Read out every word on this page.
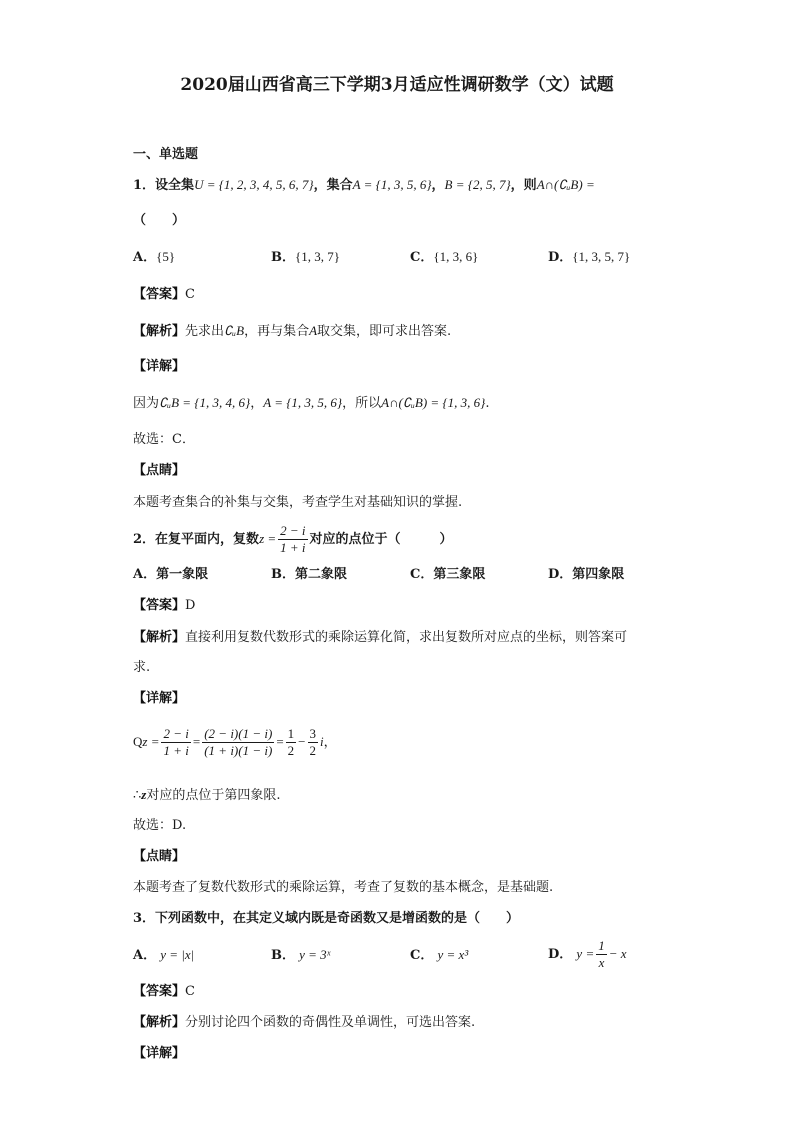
2020届山西省高三下学期3月适应性调研数学（文）试题
一、单选题
1．设全集U = {1, 2, 3, 4, 5, 6, 7}，集合A = {1, 3, 5, 6}，B = {2, 5, 7}，则A∩(∁ᵤB) =
（　　）
A．{5}	B．{1, 3, 7}	C．{1, 3, 6}	D．{1, 3, 5, 7}
【答案】C
【解析】先求出∁ᵤB，再与集合A取交集，即可求出答案.
【详解】
因为∁ᵤB = {1, 3, 4, 6}，A = {1, 3, 5, 6}，所以A∩(∁ᵤB) = {1, 3, 6}.
故选：C．
【点睛】
本题考查集合的补集与交集，考查学生对基础知识的掌握.
2．在复平面内，复数$z = \frac{2 - i}{1 + i}$ 对应的点位于（　　　）
A．第一象限	B．第二象限	C．第三象限	D．第四象限
【答案】D
【解析】直接利用复数代数形式的乘除运算化简，求出复数所对应点的坐标，则答案可
求.
【详解】
$Qz = \frac{2 - i}{1 + i} = \frac{(2 - i)(1 - i)}{(1 + i)(1 - i)} = \frac{1}{2} - \frac{3}{2}$ i，
∴z对应的点位于第四象限.
故选：D.
【点睛】
本题考查了复数代数形式的乘除运算，考查了复数的基本概念，是基础题.
3．下列函数中，在其定义域内既是奇函数又是增函数的是（　　）
A． y = |x|	B． y = 3ˣ	C． y = x³	D． $y = \frac{1}{x} - x$
【答案】C
【解析】分别讨论四个函数的奇偶性及单调性，可选出答案.
【详解】
